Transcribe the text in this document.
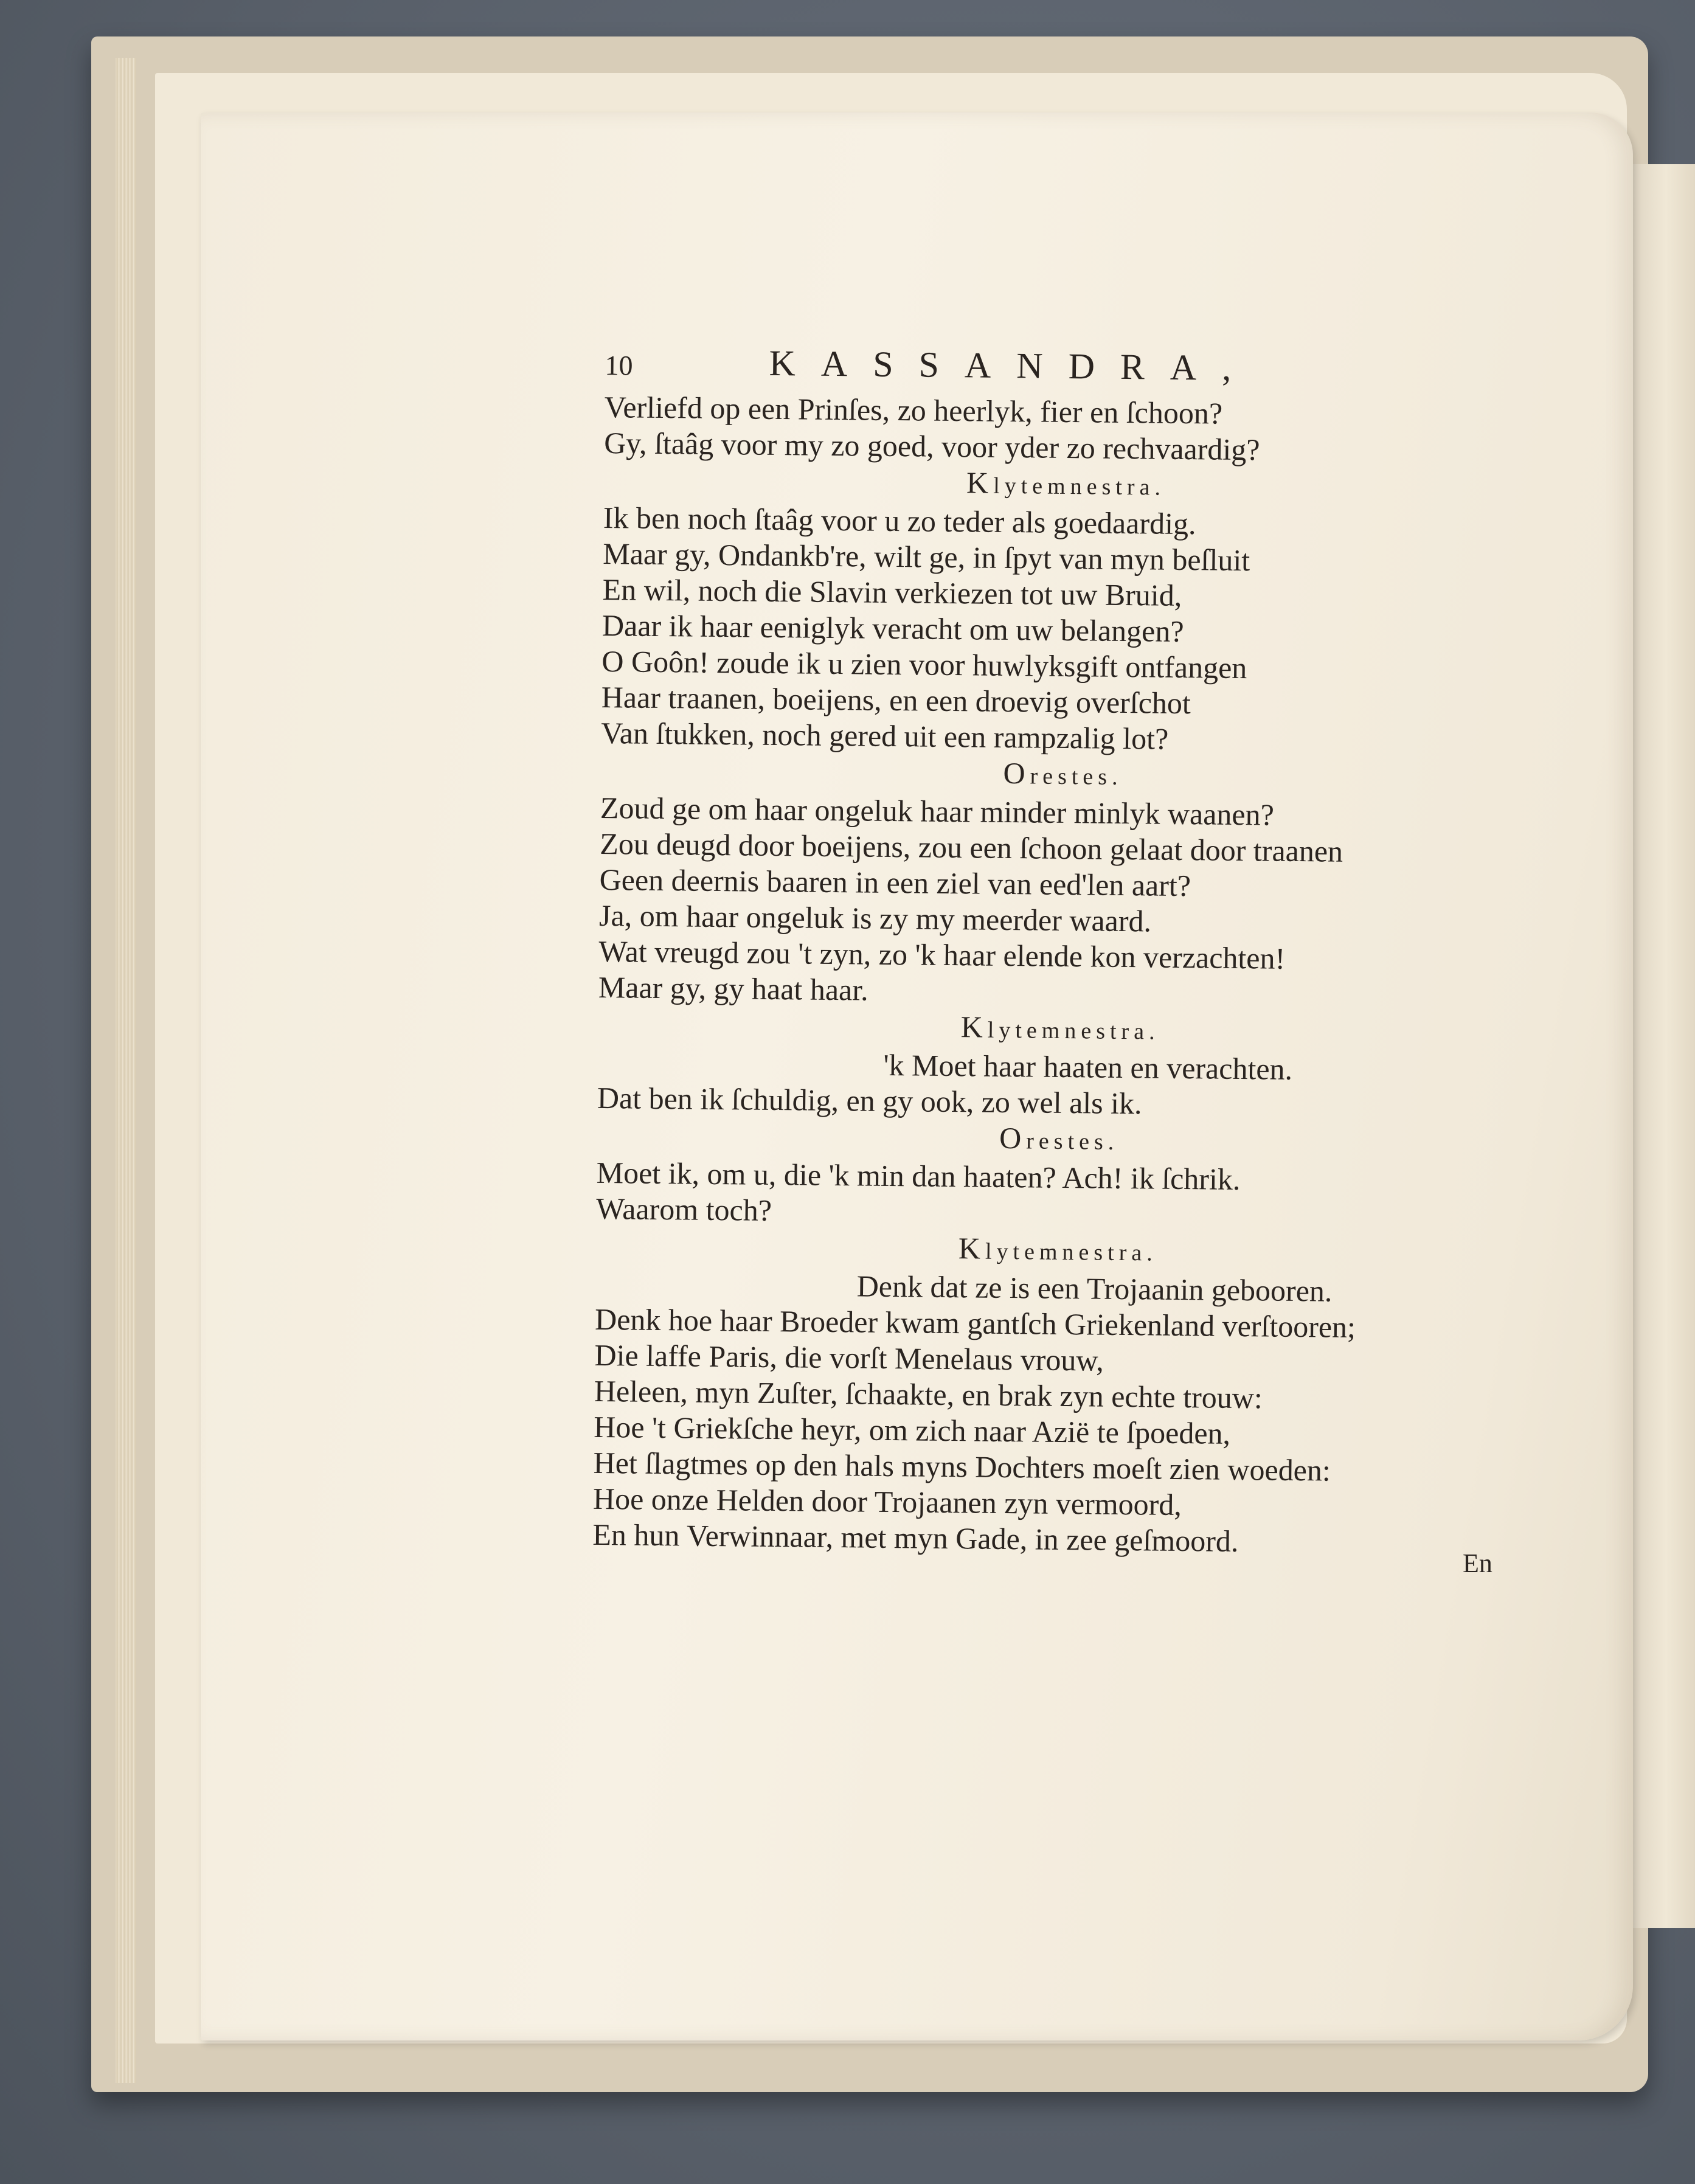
10	KASSANDRA,
Verliefd op een Prinſes, zo heerlyk, fier en ſchoon?
Gy, ſtaâg voor my zo goed, voor yder zo rechvaardig?
Klytemnestra.
Ik ben noch ſtaâg voor u zo teder als goedaardig.
Maar gy, Ondankb're, wilt ge, in ſpyt van myn beſluit
En wil, noch die Slavin verkiezen tot uw Bruid,
Daar ik haar eeniglyk veracht om uw belangen?
O Goôn! zoude ik u zien voor huwlyksgift ontfangen
Haar traanen, boeijens, en een droevig overſchot
Van ſtukken, noch gered uit een rampzalig lot?
Orestes.
Zoud ge om haar ongeluk haar minder minlyk waanen?
Zou deugd door boeijens, zou een ſchoon gelaat door traanen
Geen deernis baaren in een ziel van eed'len aart?
Ja, om haar ongeluk is zy my meerder waard.
Wat vreugd zou 't zyn, zo 'k haar elende kon verzachten!
Maar gy, gy haat haar.
Klytemnestra.
'k Moet haar haaten en verachten.
Dat ben ik ſchuldig, en gy ook, zo wel als ik.
Orestes.
Moet ik, om u, die 'k min dan haaten? Ach! ik ſchrik.
Waarom toch?
Klytemnestra.
Denk dat ze is een Trojaanin gebooren.
Denk hoe haar Broeder kwam gantſch Griekenland verſtooren;
Die laffe Paris, die vorſt Menelaus vrouw,
Heleen, myn Zuſter, ſchaakte, en brak zyn echte trouw:
Hoe 't Griekſche heyr, om zich naar Azië te ſpoeden,
Het ſlagtmes op den hals myns Dochters moeſt zien woeden:
Hoe onze Helden door Trojaanen zyn vermoord,
En hun Verwinnaar, met myn Gade, in zee geſmoord.
En
